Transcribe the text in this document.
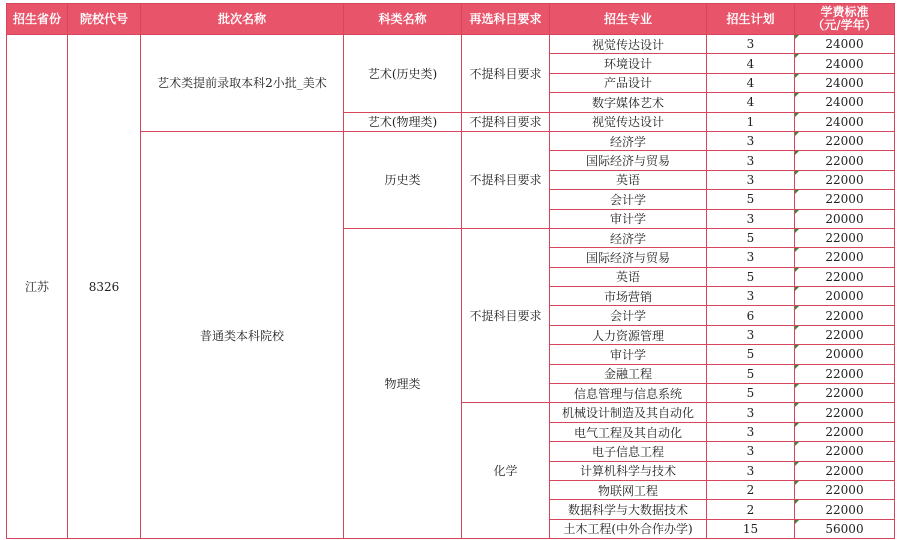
招生省份	院校代号	批次名称	科类名称	再选科目要求	招生专业	招生计划	学费标准
（元/学年）

江苏	8326	艺术类提前录取本科2小批_美术	艺术(历史类)	不提科目要求	视觉传达设计	3	24000
					环境设计	4	24000
					产品设计	4	24000
					数字媒体艺术	4	24000
			艺术(物理类)	不提科目要求	视觉传达设计	1	24000
		普通类本科院校	历史类	不提科目要求	经济学	3	22000
					国际经济与贸易	3	22000
					英语	3	22000
					会计学	5	22000
					审计学	3	20000
			物理类	不提科目要求	经济学	5	22000
					国际经济与贸易	3	22000
					英语	5	22000
					市场营销	3	20000
					会计学	6	22000
					人力资源管理	3	22000
					审计学	5	20000
					金融工程	5	22000
					信息管理与信息系统	5	22000
				化学	机械设计制造及其自动化	3	22000
					电气工程及其自动化	3	22000
					电子信息工程	3	22000
					计算机科学与技术	3	22000
					物联网工程	2	22000
					数据科学与大数据技术	2	22000
					土木工程(中外合作办学)	15	56000
